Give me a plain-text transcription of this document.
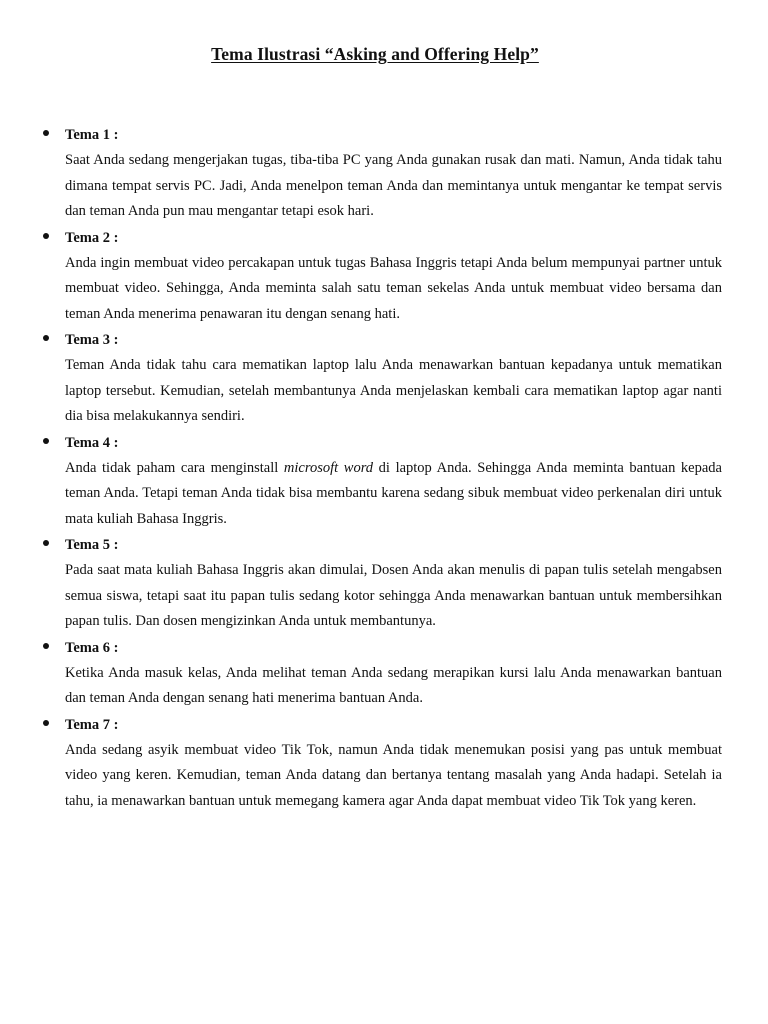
Tema Ilustrasi “Asking and Offering Help”
Tema 1 :
Saat Anda sedang mengerjakan tugas, tiba-tiba PC yang Anda gunakan rusak dan mati. Namun, Anda tidak tahu dimana tempat servis PC. Jadi, Anda menelpon teman Anda dan memintanya untuk mengantar ke tempat servis dan teman Anda pun mau mengantar tetapi esok hari.
Tema 2 :
Anda ingin membuat video percakapan untuk tugas Bahasa Inggris tetapi Anda belum mempunyai partner untuk membuat video. Sehingga, Anda meminta salah satu teman sekelas Anda untuk membuat video bersama dan teman Anda menerima penawaran itu dengan senang hati.
Tema 3 :
Teman Anda tidak tahu cara mematikan laptop lalu Anda menawarkan bantuan kepadanya untuk mematikan laptop tersebut. Kemudian, setelah membantunya Anda menjelaskan kembali cara mematikan laptop agar nanti dia bisa melakukannya sendiri.
Tema 4 :
Anda tidak paham cara menginstall microsoft word di laptop Anda. Sehingga Anda meminta bantuan kepada teman Anda. Tetapi teman Anda tidak bisa membantu karena sedang sibuk membuat video perkenalan diri untuk mata kuliah Bahasa Inggris.
Tema 5 :
Pada saat mata kuliah Bahasa Inggris akan dimulai, Dosen Anda akan menulis di papan tulis setelah mengabsen semua siswa, tetapi saat itu papan tulis sedang kotor sehingga Anda menawarkan bantuan untuk membersihkan papan tulis. Dan dosen mengizinkan Anda untuk membantunya.
Tema 6 :
Ketika Anda masuk kelas, Anda melihat teman Anda sedang merapikan kursi lalu Anda menawarkan bantuan dan teman Anda dengan senang hati menerima bantuan Anda.
Tema 7 :
Anda sedang asyik membuat video Tik Tok, namun Anda tidak menemukan posisi yang pas untuk membuat video yang keren. Kemudian, teman Anda datang dan bertanya tentang masalah yang Anda hadapi. Setelah ia tahu, ia menawarkan bantuan untuk memegang kamera agar Anda dapat membuat video Tik Tok yang keren.
